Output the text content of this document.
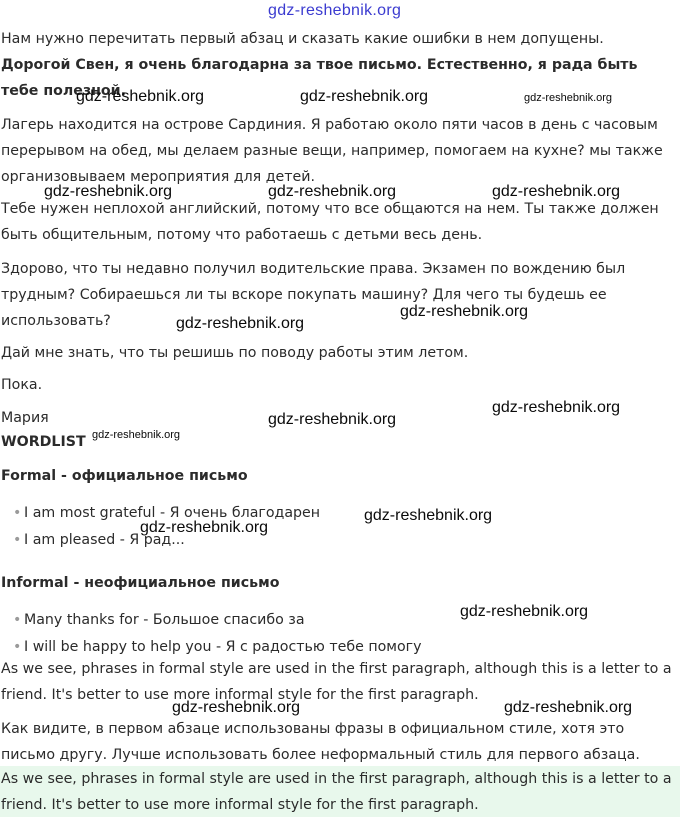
gdz-reshebnik.org

Нам нужно перечитать первый абзац и сказать какие ошибки в нем допущены.

Дорогой Свен, я очень благодарна за твое письмо. Естественно, я рада быть тебе полезной.

Лагерь находится на острове Сардиния. Я работаю около пяти часов в день с часовым перерывом на обед, мы делаем разные вещи, например, помогаем на кухне? мы также организовываем мероприятия для детей.

Тебе нужен неплохой английский, потому что все общаются на нем. Ты также должен быть общительным, потому что работаешь с детьми весь день.

Здорово, что ты недавно получил водительские права. Экзамен по вождению был трудным? Собираешься ли ты вскоре покупать машину? Для чего ты будешь ее использовать?

Дай мне знать, что ты решишь по поводу работы этим летом.

Пока.

Мария

WORDLIST

Formal - официальное письмо

• I am most grateful - Я очень благодарен

• I am pleased - Я рад...

Informal - неофициальное письмо

• Many thanks for - Большое спасибо за

• I will be happy to help you - Я с радостью тебе помогу

As we see, phrases in formal style are used in the first paragraph, although this is a letter to a friend. It's better to use more informal style for the first paragraph.

Как видите, в первом абзаце использованы фразы в официальном стиле, хотя это письмо другу. Лучше использовать более неформальный стиль для первого абзаца.

As we see, phrases in formal style are used in the first paragraph, although this is a letter to a friend. It's better to use more informal style for the first paragraph.

gdz-reshebnik.org	gdz-reshebnik.org	gdz-reshebnik.org
gdz-reshebnik.org	gdz-reshebnik.org	gdz-reshebnik.org
gdz-reshebnik.org
gdz-reshebnik.org
gdz-reshebnik.org
gdz-reshebnik.org
gdz-reshebnik.org
gdz-reshebnik.org
gdz-reshebnik.org
gdz-reshebnik.org
gdz-reshebnik.org	gdz-reshebnik.org
